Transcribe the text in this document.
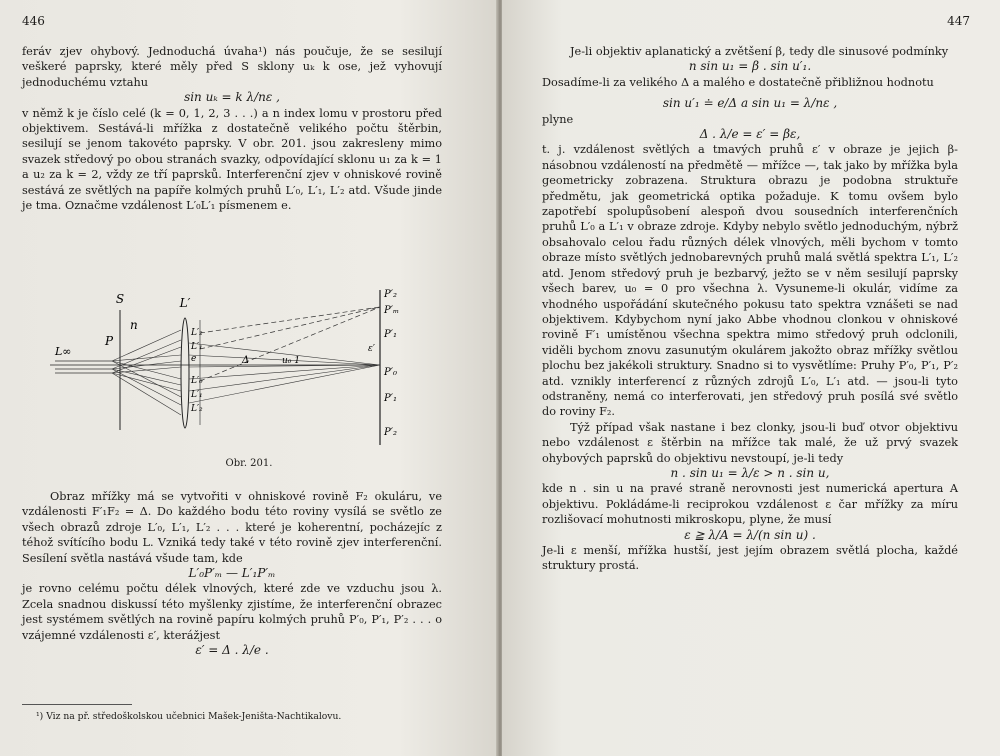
446

feráv zjev ohybový. Jednoduchá úvaha¹) nás poučuje, že se sesilují veškeré paprsky, které měly před S sklony uₖ k ose, jež vyhovují jednoduchému vztahu

sin uₖ = k λ/nε ,

v němž k je číslo celé (k = 0, 1, 2, 3 . . .) a n index lomu v prostoru před objektivem. Sestává-li mřížka z dostatečně velikého počtu štěrbin, sesilují se jenom takovéto paprsky. V obr. 201. jsou zakresleny mimo svazek středový po obou stranách svazky, odpovídající sklonu u₁ za k = 1 a u₂ za k = 2, vždy ze tří paprsků. Interferenční zjev v ohniskové rovině sestává ze světlých na papíře kolmých pruhů L′₀, L′₁, L′₂ atd. Všude jinde je tma. Označme vzdálenost L′₀L′₁ písmenem e.

S	L′
n
P
L∞
L′₂
L′₁
e
L′₀
L′₁
L′₂
Δ	u₀ 1
P′₂
P′ₘ
P′₁
ε′
P′₀
P′₁
P′₂
Obr. 201.

Obraz mřížky má se vytvořiti v ohniskové rovině F₂ okuláru, ve vzdálenosti F′₁F₂ = Δ. Do každého bodu této roviny vysílá se světlo ze všech obrazů zdroje L′₀, L′₁, L′₂ . . . které je koherentní, pocházejíc z téhož svítícího bodu L. Vzniká tedy také v této rovině zjev interferenční. Sesílení světla nastává všude tam, kde

L′₀P′ₘ — L′₁P′ₘ

je rovno celému počtu délek vlnových, které zde ve vzduchu jsou λ. Zcela snadnou diskussí této myšlenky zjistíme, že interferenční obrazec jest systémem světlých na rovině papíru kolmých pruhů P′₀, P′₁, P′₂ . . . o vzájemné vzdálenosti ε′, kterážjest

ε′ = Δ . λ/e .

¹) Viz na př. středoškolskou učebnici Mašek-Jeništa-Nachtikalovu.
447

Je-li objektiv aplanatický a zvětšení β, tedy dle sinusové podmínky

n sin u₁ = β . sin u′₁.

Dosadíme-li za velikého Δ a malého e dostatečně přibližnou hodnotu

sin u′₁ ≐ e/Δ a sin u₁ = λ/nε ,

plyne

Δ . λ/e = ε′ = βε,

t. j. vzdálenost světlých a tmavých pruhů ε′ v obraze je jejich β-násobnou vzdáleností na předmětě — mřížce —, tak jako by mřížka byla geometricky zobrazena. Struktura obrazu je podobna struktuře předmětu, jak geometrická optika požaduje. K tomu ovšem bylo zapotřebí spolupůsobení alespoň dvou sousedních interferenčních pruhů L′₀ a L′₁ v obraze zdroje. Kdyby nebylo světlo jednoduchým, nýbrž obsahovalo celou řadu různých délek vlnových, měli bychom v tomto obraze místo světlých jednobarevných pruhů malá světlá spektra L′₁, L′₂ atd. Jenom středový pruh je bezbarvý, ježto se v něm sesilují paprsky všech barev, u₀ = 0 pro všechna λ. Vysuneme-li okulár, vidíme za vhodného uspořádání skutečného pokusu tato spektra vznášeti se nad objektivem. Kdybychom nyní jako Abbe vhodnou clonkou v ohniskové rovině F′₁ umístěnou všechna spektra mimo středový pruh odclonili, viděli bychom znovu zasunutým okulárem jakožto obraz mřížky světlou plochu bez jakékoli struktury. Snadno si to vysvětlíme: Pruhy P′₀, P′₁, P′₂ atd. vznikly interferencí z různých zdrojů L′₀, L′₁ atd. — jsou-li tyto odstraněny, nemá co interferovati, jen středový pruh posílá své světlo do roviny F₂.

Týž případ však nastane i bez clonky, jsou-li buď otvor objektivu nebo vzdálenost ε štěrbin na mřížce tak malé, že už prvý svazek ohybových paprsků do objektivu nevstoupí, je-li tedy

n . sin u₁ = λ/ε > n . sin u,

kde n . sin u na pravé straně nerovnosti jest numerická apertura A objektivu. Pokládáme-li reciprokou vzdálenost ε čar mřížky za míru rozlišovací mohutnosti mikroskopu, plyne, že musí

ε ≧ λ/A = λ/(n sin u) .

Je-li ε menší, mřížka hustší, jest jejím obrazem světlá plocha, každé struktury prostá.
